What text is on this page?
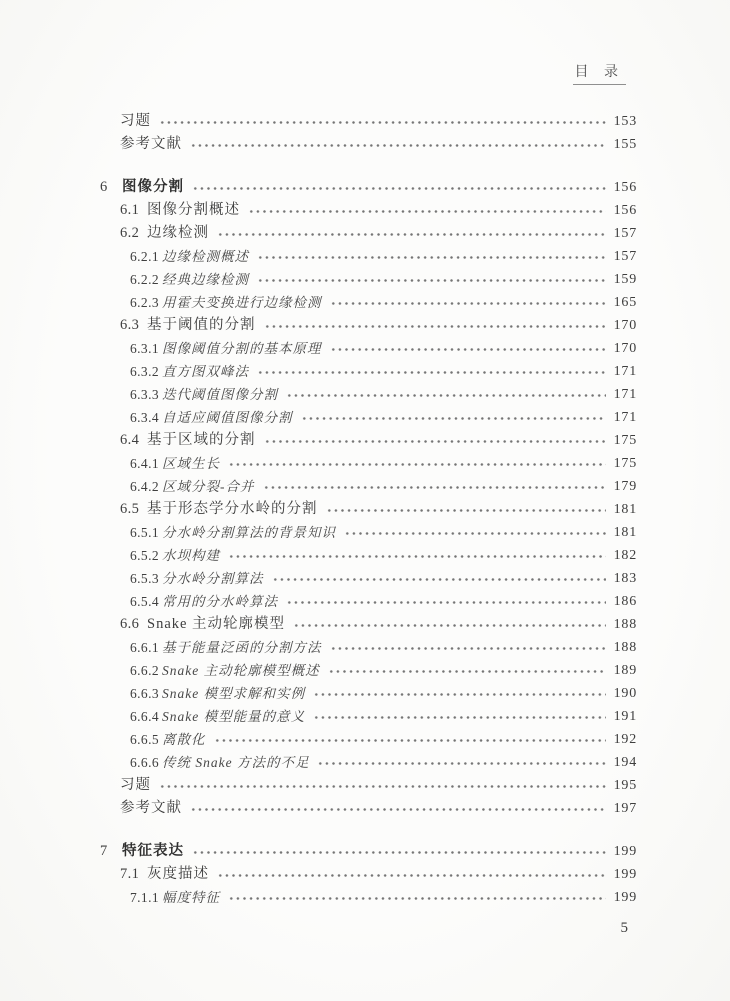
目 录
习题	153
参考文献	155
6 图像分割	156
6.1 图像分割概述	156
6.2 边缘检测	157
6.2.1 边缘检测概述	157
6.2.2 经典边缘检测	159
6.2.3 用霍夫变换进行边缘检测	165
6.3 基于阈值的分割	170
6.3.1 图像阈值分割的基本原理	170
6.3.2 直方图双峰法	171
6.3.3 迭代阈值图像分割	171
6.3.4 自适应阈值图像分割	171
6.4 基于区域的分割	175
6.4.1 区域生长	175
6.4.2 区域分裂-合并	179
6.5 基于形态学分水岭的分割	181
6.5.1 分水岭分割算法的背景知识	181
6.5.2 水坝构建	182
6.5.3 分水岭分割算法	183
6.5.4 常用的分水岭算法	186
6.6 Snake 主动轮廓模型	188
6.6.1 基于能量泛函的分割方法	188
6.6.2 Snake 主动轮廓模型概述	189
6.6.3 Snake 模型求解和实例	190
6.6.4 Snake 模型能量的意义	191
6.6.5 离散化	192
6.6.6 传统 Snake 方法的不足	194
习题	195
参考文献	197
7 特征表达	199
7.1 灰度描述	199
7.1.1 幅度特征	199
5
